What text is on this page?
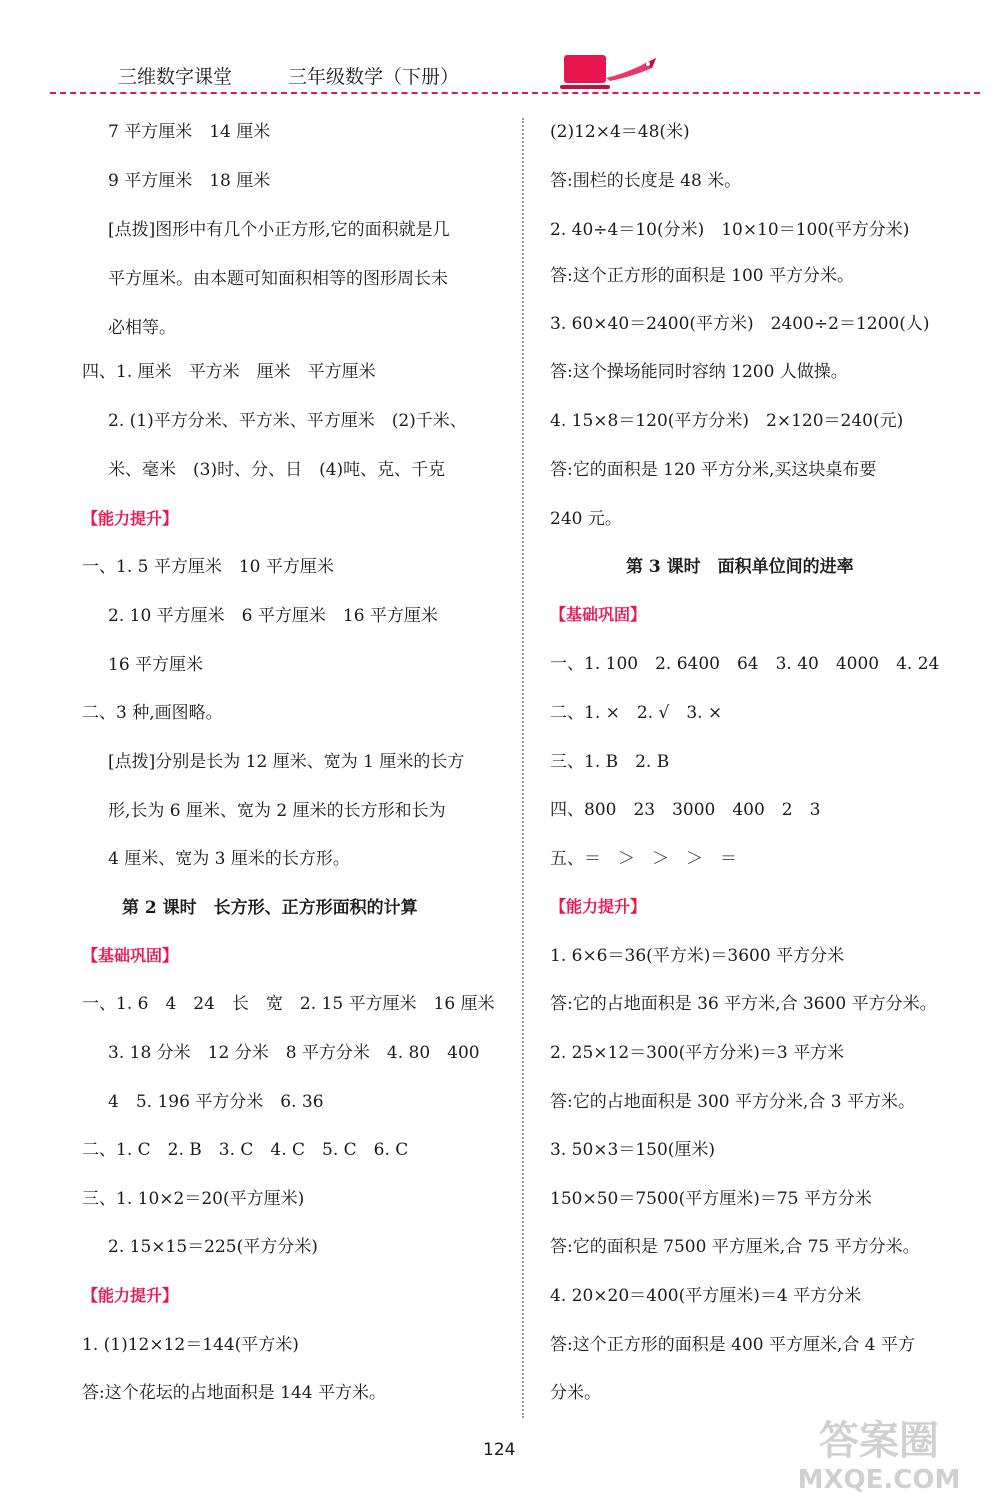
三维数字课堂	三年级数学（下册）
7 平方厘米　14 厘米
9 平方厘米　18 厘米
[点拨]图形中有几个小正方形,它的面积就是几
平方厘米。由本题可知面积相等的图形周长未
必相等。
四、1. 厘米　平方米　厘米　平方厘米
2. (1)平方分米、平方米、平方厘米　(2)千米、
米、毫米　(3)时、分、日　(4)吨、克、千克
【能力提升】
一、1. 5 平方厘米　10 平方厘米
2. 10 平方厘米　6 平方厘米　16 平方厘米
16 平方厘米
二、3 种,画图略。
[点拨]分别是长为 12 厘米、宽为 1 厘米的长方
形,长为 6 厘米、宽为 2 厘米的长方形和长为
4 厘米、宽为 3 厘米的长方形。
第 2 课时　长方形、正方形面积的计算
【基础巩固】
一、1. 6　4　24　长　宽　2. 15 平方厘米　16 厘米
3. 18 分米　12 分米　8 平方分米　4. 80　400
4　5. 196 平方分米　6. 36
二、1. C　2. B　3. C　4. C　5. C　6. C
三、1. 10×2＝20(平方厘米)
2. 15×15＝225(平方分米)
【能力提升】
1. (1)12×12＝144(平方米)
答:这个花坛的占地面积是 144 平方米。
(2)12×4＝48(米)
答:围栏的长度是 48 米。
2. 40÷4＝10(分米)　10×10＝100(平方分米)
答:这个正方形的面积是 100 平方分米。
3. 60×40＝2400(平方米)　2400÷2＝1200(人)
答:这个操场能同时容纳 1200 人做操。
4. 15×8＝120(平方分米)　2×120＝240(元)
答:它的面积是 120 平方分米,买这块桌布要
240 元。
第 3 课时　面积单位间的进率
【基础巩固】
一、1. 100　2. 6400　64　3. 40　4000　4. 24
二、1. ×　2. √　3. ×
三、1. B　2. B
四、800　23　3000　400　2　3
五、＝　＞　＞　＞　＝
【能力提升】
1. 6×6＝36(平方米)＝3600 平方分米
答:它的占地面积是 36 平方米,合 3600 平方分米。
2. 25×12＝300(平方分米)＝3 平方米
答:它的占地面积是 300 平方分米,合 3 平方米。
3. 50×3＝150(厘米)
150×50＝7500(平方厘米)＝75 平方分米
答:它的面积是 7500 平方厘米,合 75 平方分米。
4. 20×20＝400(平方厘米)＝4 平方分米
答:这个正方形的面积是 400 平方厘米,合 4 平方
分米。
124	答案圈
MXQE.COM
